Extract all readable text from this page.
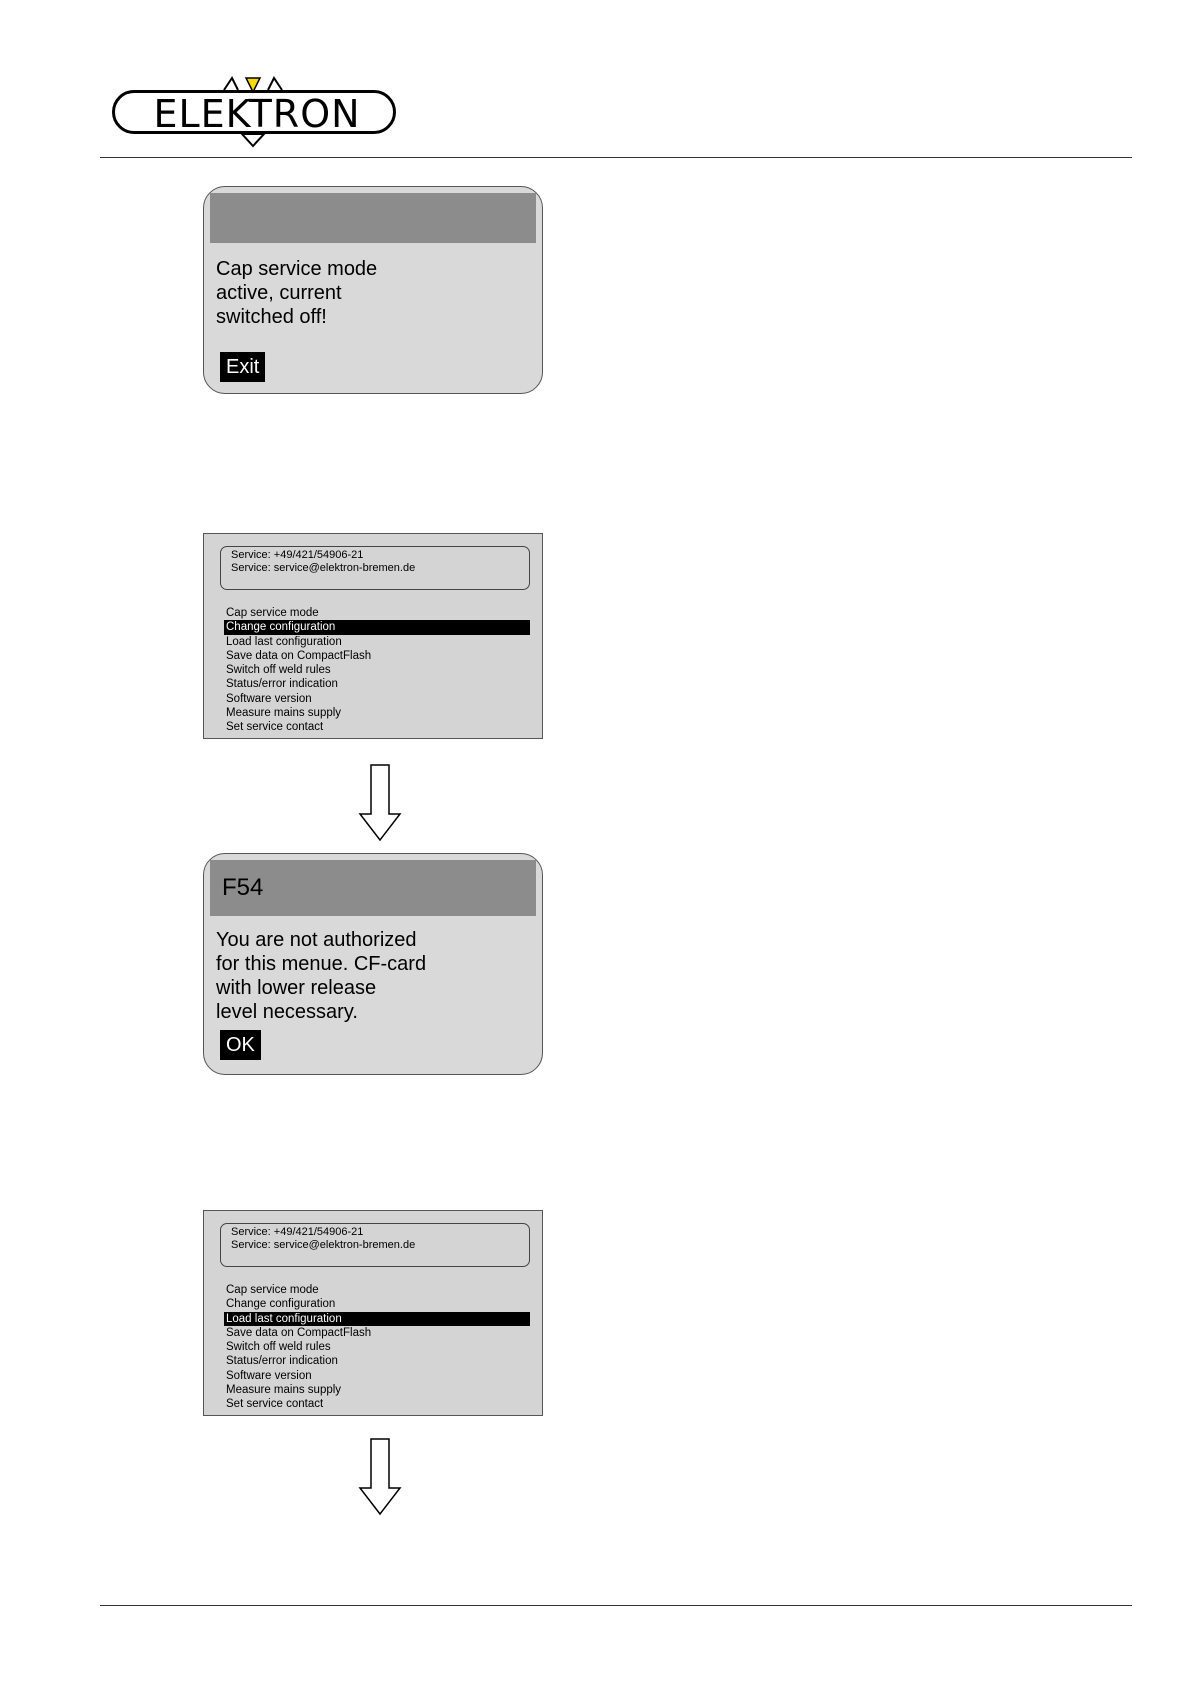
ELEKTRON
Cap service mode
active, current
switched off!
Exit
Service: +49/421/54906-21
Service: service@elektron-bremen.de
Cap service mode
Change configuration
Load last configuration
Save data on CompactFlash
Switch off weld rules
Status/error indication
Software version
Measure mains supply
Set service contact
F54
You are not authorized
for this menue. CF-card
with lower release
level necessary.
OK
Service: +49/421/54906-21
Service: service@elektron-bremen.de
Cap service mode
Change configuration
Load last configuration
Save data on CompactFlash
Switch off weld rules
Status/error indication
Software version
Measure mains supply
Set service contact
